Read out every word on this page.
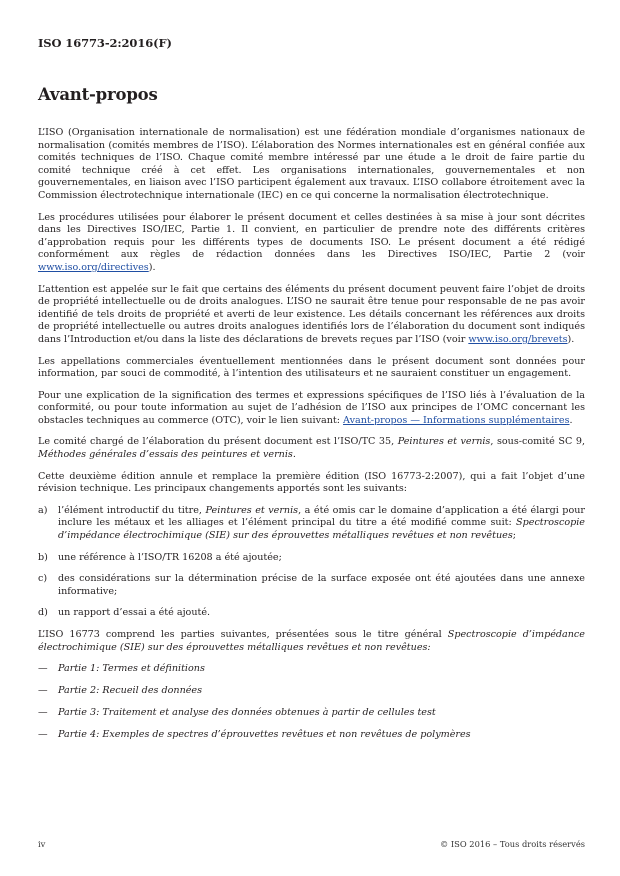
ISO 16773-2:2016(F)
Avant-propos

L’ISO (Organisation internationale de normalisation) est une fédération mondiale d’organismes nationaux de normalisation (comités membres de l’ISO). L’élaboration des Normes internationales est en général confiée aux comités techniques de l’ISO. Chaque comité membre intéressé par une étude a le droit de faire partie du comité technique créé à cet effet. Les organisations internationales, gouvernementales et non gouvernementales, en liaison avec l’ISO participent également aux travaux. L’ISO collabore étroitement avec la Commission électrotechnique internationale (IEC) en ce qui concerne la normalisation électrotechnique.

Les procédures utilisées pour élaborer le présent document et celles destinées à sa mise à jour sont décrites dans les Directives ISO/IEC, Partie 1. Il convient, en particulier de prendre note des différents critères d’approbation requis pour les différents types de documents ISO. Le présent document a été rédigé conformément aux règles de rédaction données dans les Directives ISO/IEC, Partie 2 (voir www.iso.org/directives).

L’attention est appelée sur le fait que certains des éléments du présent document peuvent faire l’objet de droits de propriété intellectuelle ou de droits analogues. L’ISO ne saurait être tenue pour responsable de ne pas avoir identifié de tels droits de propriété et averti de leur existence. Les détails concernant les références aux droits de propriété intellectuelle ou autres droits analogues identifiés lors de l’élaboration du document sont indiqués dans l’Introduction et/ou dans la liste des déclarations de brevets reçues par l’ISO (voir www.iso.org/brevets).

Les appellations commerciales éventuellement mentionnées dans le présent document sont données pour information, par souci de commodité, à l’intention des utilisateurs et ne sauraient constituer un engagement.

Pour une explication de la signification des termes et expressions spécifiques de l’ISO liés à l’évaluation de la conformité, ou pour toute information au sujet de l’adhésion de l’ISO aux principes de l’OMC concernant les obstacles techniques au commerce (OTC), voir le lien suivant: Avant-propos — Informations supplémentaires.

Le comité chargé de l’élaboration du présent document est l’ISO/TC 35, Peintures et vernis, sous-comité SC 9, Méthodes générales d’essais des peintures et vernis.

Cette deuxième édition annule et remplace la première édition (ISO 16773-2:2007), qui a fait l’objet d’une révision technique. Les principaux changements apportés sont les suivants:

a) l’élément introductif du titre, Peintures et vernis, a été omis car le domaine d’application a été élargi pour inclure les métaux et les alliages et l’élément principal du titre a été modifié comme suit: Spectroscopie d’impédance électrochimique (SIE) sur des éprouvettes métalliques revêtues et non revêtues;
b) une référence à l’ISO/TR 16208 a été ajoutée;
c) des considérations sur la détermination précise de la surface exposée ont été ajoutées dans une annexe informative;
d) un rapport d’essai a été ajouté.

L’ISO 16773 comprend les parties suivantes, présentées sous le titre général Spectroscopie d’impédance électrochimique (SIE) sur des éprouvettes métalliques revêtues et non revêtues:

— Partie 1: Termes et définitions
— Partie 2: Recueil des données
— Partie 3: Traitement et analyse des données obtenues à partir de cellules test
— Partie 4: Exemples de spectres d’éprouvettes revêtues et non revêtues de polymères
iv	© ISO 2016 – Tous droits réservés
